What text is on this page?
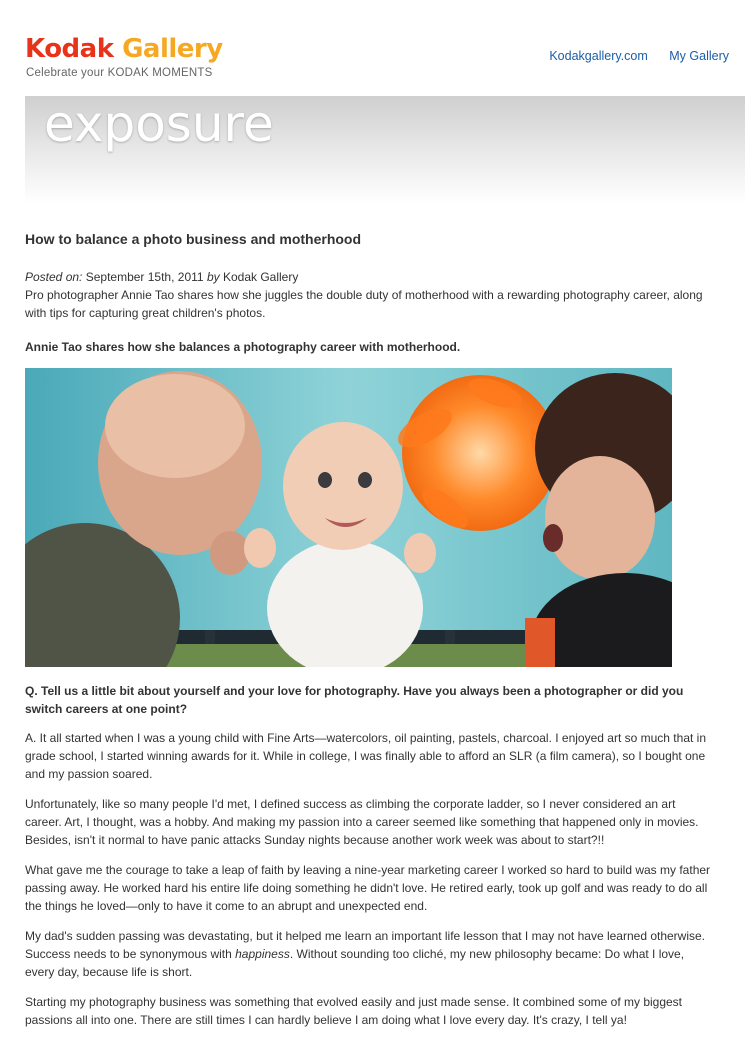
Kodak Gallery
Celebrate your KODAK MOMENTS
Kodakgallery.com My Gallery
exposure
How to balance a photo business and motherhood
Posted on: September 15th, 2011 by Kodak Gallery

Pro photographer Annie Tao shares how she juggles the double duty of motherhood with a rewarding photography career, along with tips for capturing great children's photos.

Annie Tao shares how she balances a photography career with motherhood.
Q. Tell us a little bit about yourself and your love for photography. Have you always been a photographer or did you switch careers at one point?

A. It all started when I was a young child with Fine Arts—watercolors, oil painting, pastels, charcoal. I enjoyed art so much that in grade school, I started winning awards for it. While in college, I was finally able to afford an SLR (a film camera), so I bought one and my passion soared.

Unfortunately, like so many people I'd met, I defined success as climbing the corporate ladder, so I never considered an art career. Art, I thought, was a hobby. And making my passion into a career seemed like something that happened only in movies. Besides, isn't it normal to have panic attacks Sunday nights because another work week was about to start?!!

What gave me the courage to take a leap of faith by leaving a nine-year marketing career I worked so hard to build was my father passing away. He worked hard his entire life doing something he didn't love. He retired early, took up golf and was ready to do all the things he loved—only to have it come to an abrupt and unexpected end.

My dad's sudden passing was devastating, but it helped me learn an important life lesson that I may not have learned otherwise. Success needs to be synonymous with happiness. Without sounding too cliché, my new philosophy became: Do what I love, every day, because life is short.

Starting my photography business was something that evolved easily and just made sense. It combined some of my biggest passions all into one. There are still times I can hardly believe I am doing what I love every day. It's crazy, I tell ya!
